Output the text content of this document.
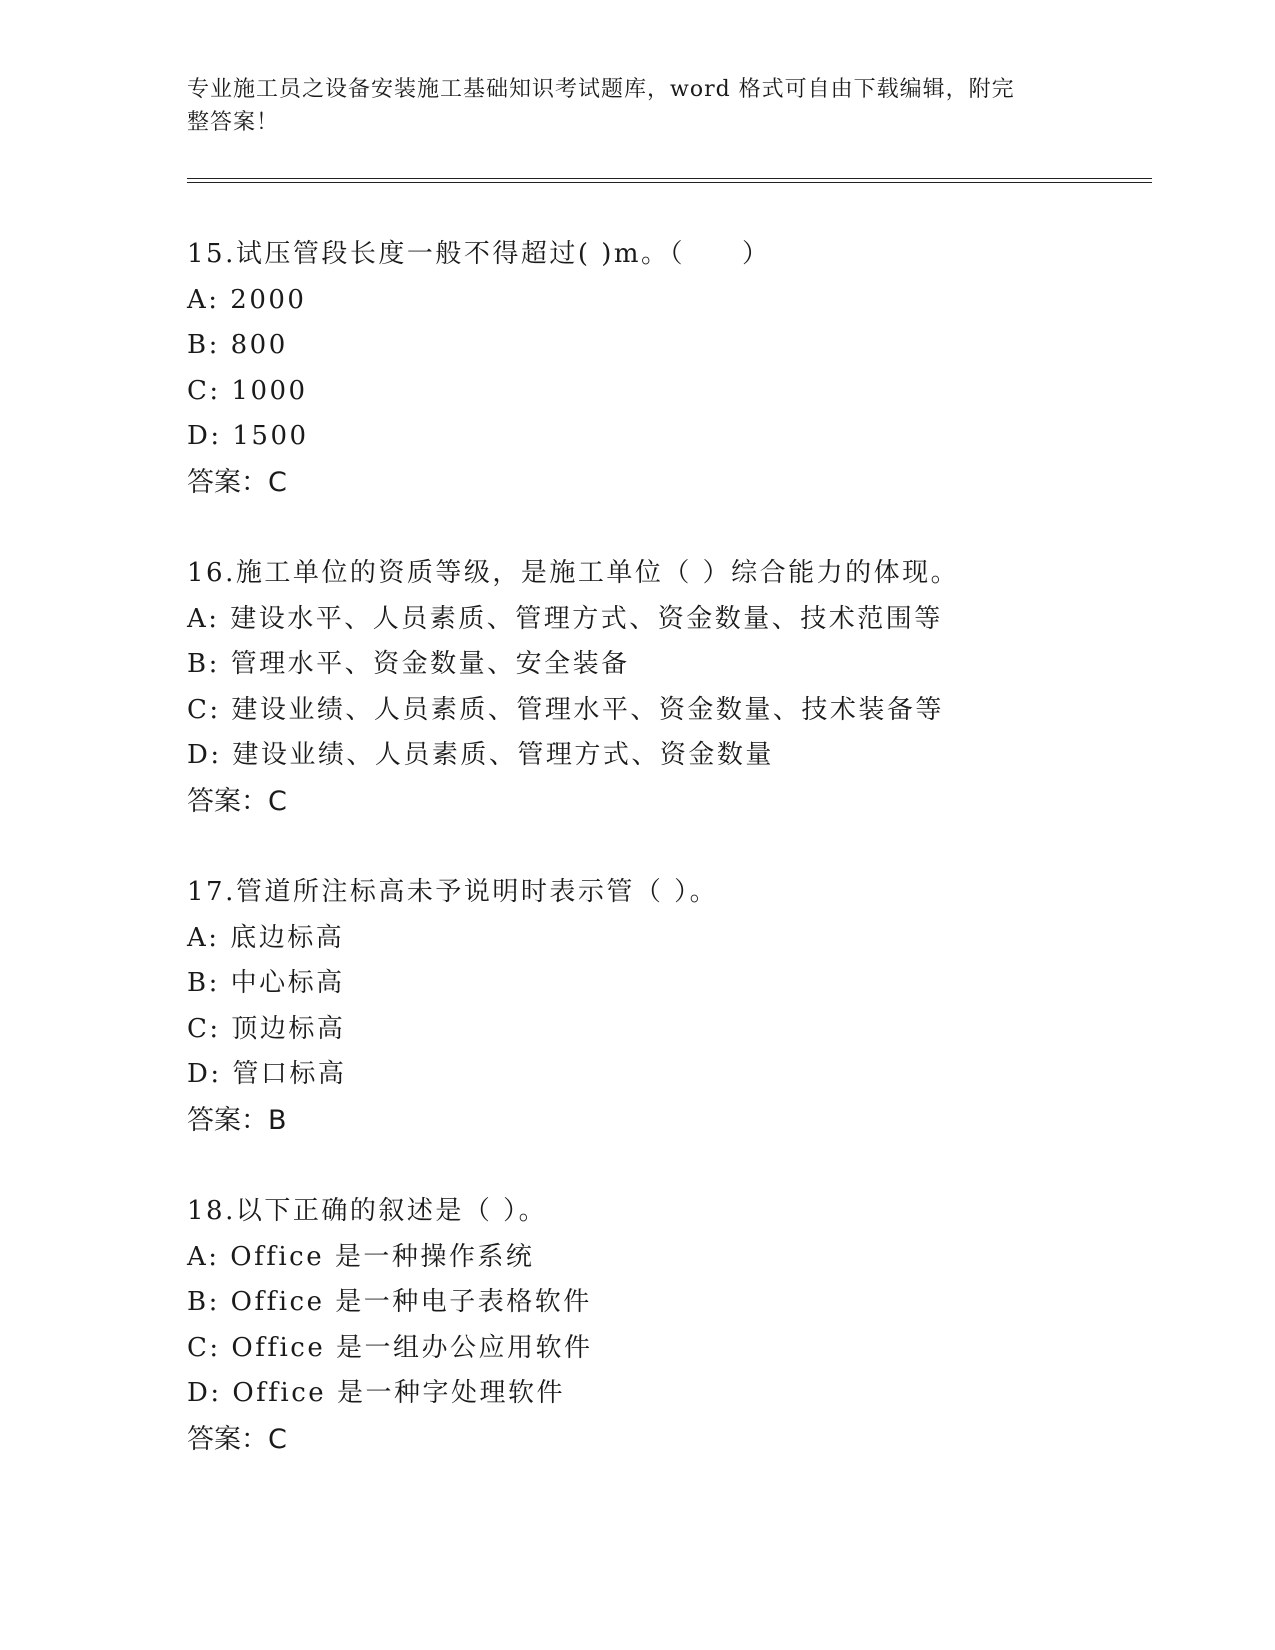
专业施工员之设备安装施工基础知识考试题库，word 格式可自由下载编辑，附完
整答案！
15.试压管段长度一般不得超过( )m。（　　）
A: 2000
B: 800
C: 1000
D: 1500
答案：C
16.施工单位的资质等级，是施工单位（ ）综合能力的体现。
A: 建设水平、人员素质、管理方式、资金数量、技术范围等
B: 管理水平、资金数量、安全装备
C: 建设业绩、人员素质、管理水平、资金数量、技术装备等
D: 建设业绩、人员素质、管理方式、资金数量
答案：C
17.管道所注标高未予说明时表示管（ ）。
A: 底边标高
B: 中心标高
C: 顶边标高
D: 管口标高
答案：B
18.以下正确的叙述是（ ）。
A: Office 是一种操作系统
B: Office 是一种电子表格软件
C: Office 是一组办公应用软件
D: Office 是一种字处理软件
答案：C
